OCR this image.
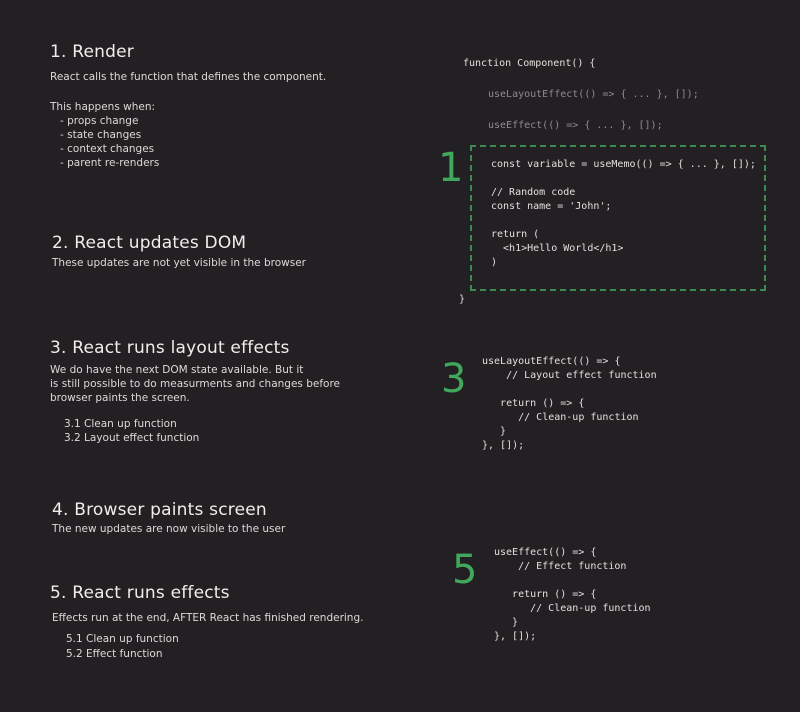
1. Render
React calls the function that defines the component.
This happens when:
- props change
- state changes
- context changes
- parent re-renders
2. React updates DOM
These updates are not yet visible in the browser
3. React runs layout effects
We do have the next DOM state available. But it
is still possible to do measurments and changes before
browser paints the screen.
3.1 Clean up function
3.2 Layout effect function
4. Browser paints screen
The new updates are now visible to the user
5. React runs effects
Effects run at the end, AFTER React has finished rendering.
5.1 Clean up function
5.2 Effect function
function Component() {
useLayoutEffect(() => { ... }, []);
useEffect(() => { ... }, []);
1	const variable = useMemo(() => { ... }, []);

// Random code
const name = 'John';

return (
<h1>Hello World</h1>
)
}
3 useLayoutEffect(() => {
// Layout effect function

return () => {
// Clean-up function
}
}, []);
5 useEffect(() => {
// Effect function

return () => {
// Clean-up function
}
}, []);
